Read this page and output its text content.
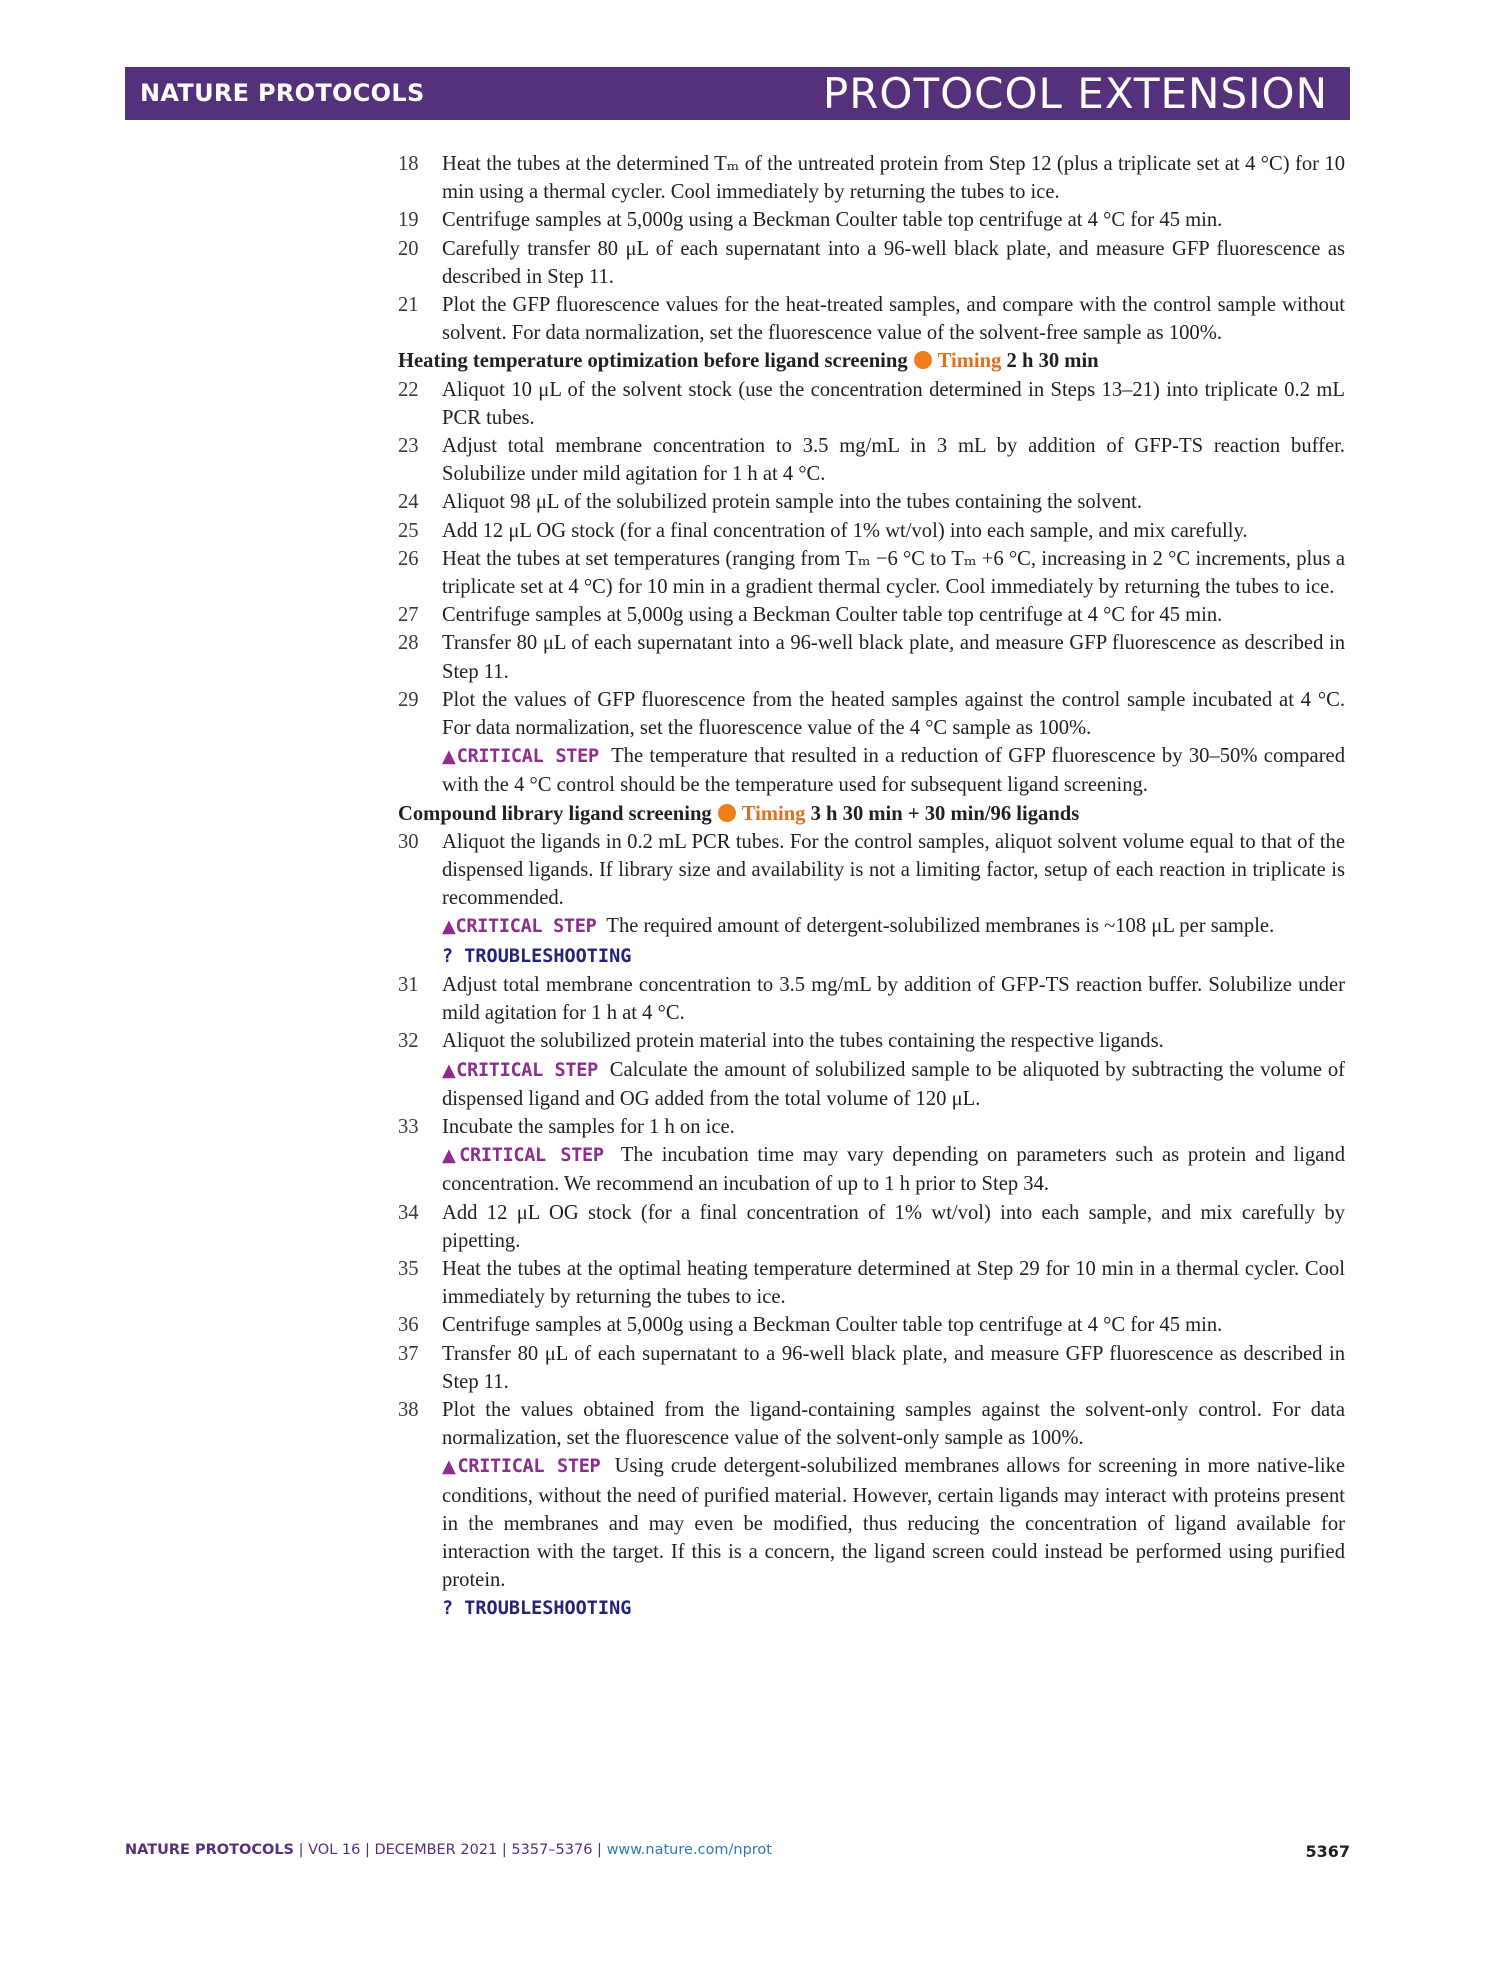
NATURE PROTOCOLS	PROTOCOL EXTENSION

18 Heat the tubes at the determined Tₘ of the untreated protein from Step 12 (plus a triplicate set at 4 °C) for 10 min using a thermal cycler. Cool immediately by returning the tubes to ice.

19 Centrifuge samples at 5,000g using a Beckman Coulter table top centrifuge at 4 °C for 45 min.

20 Carefully transfer 80 μL of each supernatant into a 96-well black plate, and measure GFP fluorescence as described in Step 11.

21 Plot the GFP fluorescence values for the heat-treated samples, and compare with the control sample without solvent. For data normalization, set the fluorescence value of the solvent-free sample as 100%.

Heating temperature optimization before ligand screening Timing 2 h 30 min

22 Aliquot 10 μL of the solvent stock (use the concentration determined in Steps 13–21) into triplicate 0.2 mL PCR tubes.

23 Adjust total membrane concentration to 3.5 mg/mL in 3 mL by addition of GFP-TS reaction buffer. Solubilize under mild agitation for 1 h at 4 °C.

24 Aliquot 98 μL of the solubilized protein sample into the tubes containing the solvent.

25 Add 12 μL OG stock (for a final concentration of 1% wt/vol) into each sample, and mix carefully.

26 Heat the tubes at set temperatures (ranging from Tₘ −6 °C to Tₘ +6 °C, increasing in 2 °C increments, plus a triplicate set at 4 °C) for 10 min in a gradient thermal cycler. Cool immediately by returning the tubes to ice.

27 Centrifuge samples at 5,000g using a Beckman Coulter table top centrifuge at 4 °C for 45 min.

28 Transfer 80 μL of each supernatant into a 96-well black plate, and measure GFP fluorescence as described in Step 11.

29 Plot the values of GFP fluorescence from the heated samples against the control sample incubated at 4 °C. For data normalization, set the fluorescence value of the 4 °C sample as 100%.
▲CRITICAL STEP The temperature that resulted in a reduction of GFP fluorescence by 30–50% compared with the 4 °C control should be the temperature used for subsequent ligand screening.

Compound library ligand screening Timing 3 h 30 min + 30 min/96 ligands

30 Aliquot the ligands in 0.2 mL PCR tubes. For the control samples, aliquot solvent volume equal to that of the dispensed ligands. If library size and availability is not a limiting factor, setup of each reaction in triplicate is recommended.
▲CRITICAL STEP The required amount of detergent-solubilized membranes is ~108 μL per sample.
? TROUBLESHOOTING

31 Adjust total membrane concentration to 3.5 mg/mL by addition of GFP-TS reaction buffer. Solubilize under mild agitation for 1 h at 4 °C.

32 Aliquot the solubilized protein material into the tubes containing the respective ligands.
▲CRITICAL STEP Calculate the amount of solubilized sample to be aliquoted by subtracting the volume of dispensed ligand and OG added from the total volume of 120 μL.

33 Incubate the samples for 1 h on ice.
▲CRITICAL STEP The incubation time may vary depending on parameters such as protein and ligand concentration. We recommend an incubation of up to 1 h prior to Step 34.

34 Add 12 μL OG stock (for a final concentration of 1% wt/vol) into each sample, and mix carefully by pipetting.

35 Heat the tubes at the optimal heating temperature determined at Step 29 for 10 min in a thermal cycler. Cool immediately by returning the tubes to ice.

36 Centrifuge samples at 5,000g using a Beckman Coulter table top centrifuge at 4 °C for 45 min.

37 Transfer 80 μL of each supernatant to a 96-well black plate, and measure GFP fluorescence as described in Step 11.

38 Plot the values obtained from the ligand-containing samples against the solvent-only control. For data normalization, set the fluorescence value of the solvent-only sample as 100%.
▲CRITICAL STEP Using crude detergent-solubilized membranes allows for screening in more native-like conditions, without the need of purified material. However, certain ligands may interact with proteins present in the membranes and may even be modified, thus reducing the concentration of ligand available for interaction with the target. If this is a concern, the ligand screen could instead be performed using purified protein.
? TROUBLESHOOTING

NATURE PROTOCOLS | VOL 16 | DECEMBER 2021 | 5357–5376 | www.nature.com/nprot	5367
